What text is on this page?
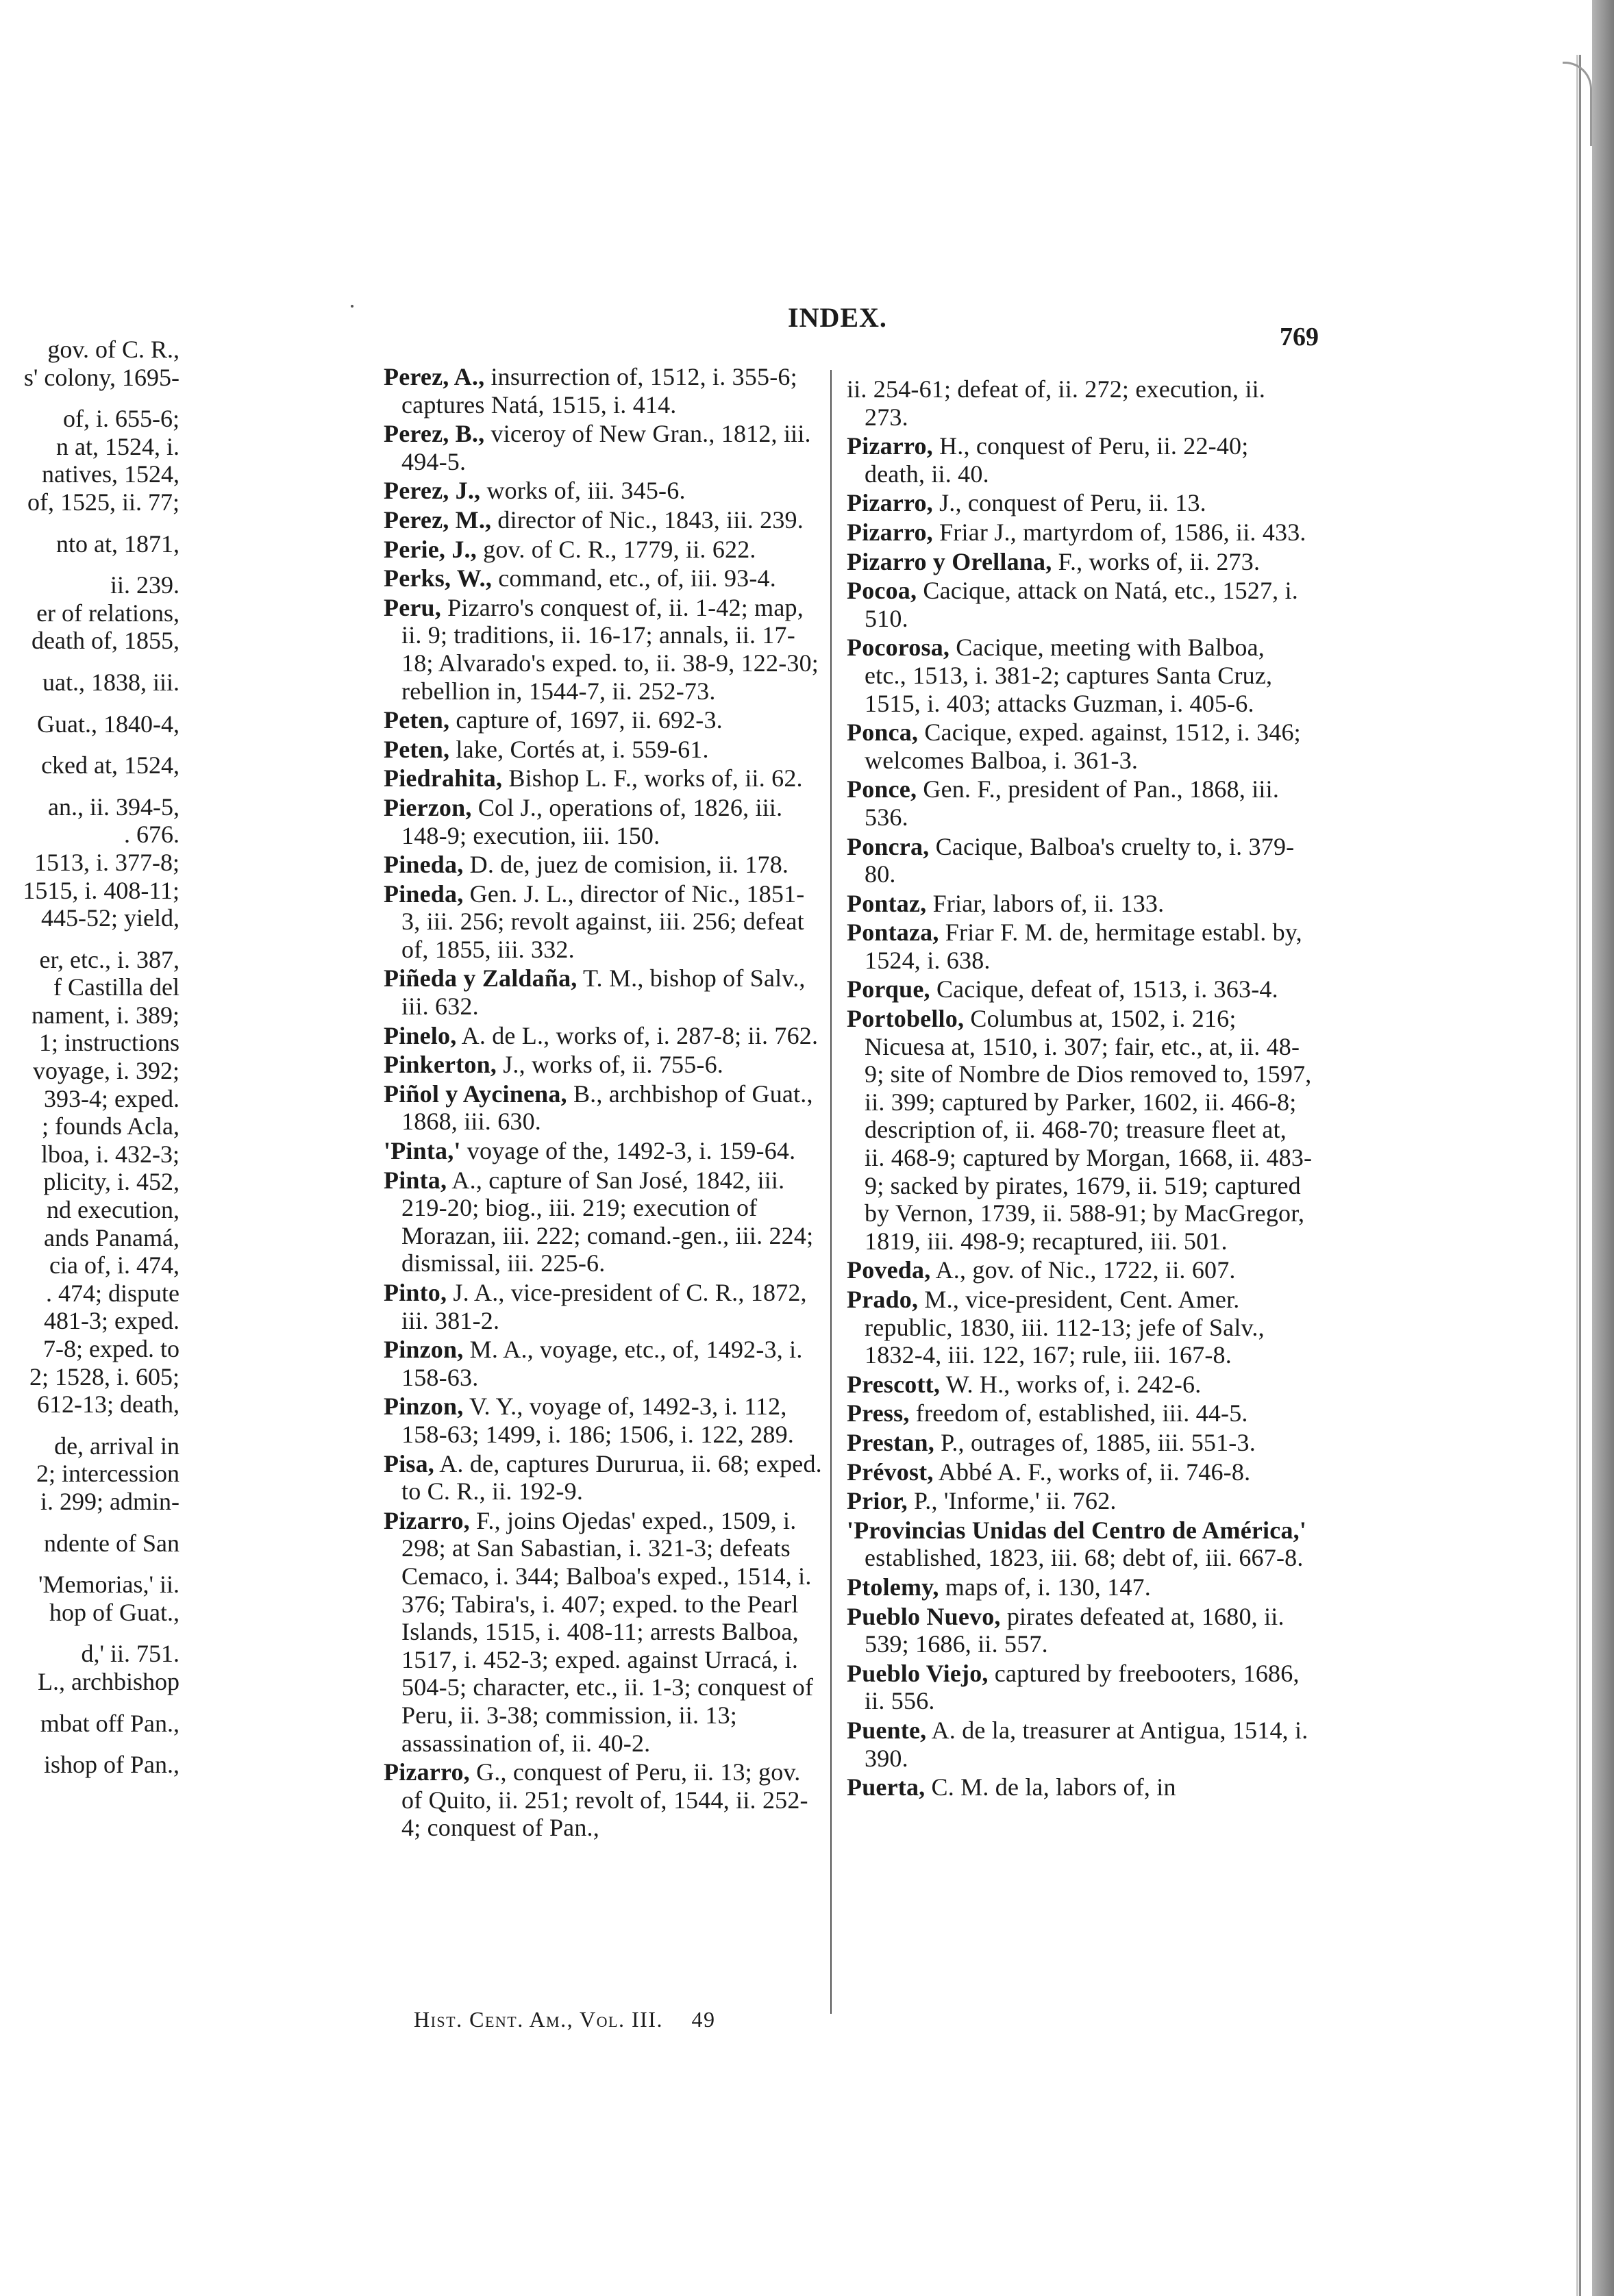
gov. of C. R.,
s' colony, 1695-
of, i. 655-6;
n at, 1524, i.
natives, 1524,
of, 1525, ii. 77;
nto at, 1871,
ii. 239.
er of relations,
death of, 1855,
uat., 1838, iii.
Guat., 1840-4,
cked at, 1524,
an., ii. 394-5,
. 676.
1513, i. 377-8;
1515, i. 408-11;
445-52; yield,
er, etc., i. 387,
f Castilla del
nament, i. 389;
1; instructions
voyage, i. 392;
393-4; exped.
; founds Acla,
lboa, i. 432-3;
plicity, i. 452,
nd execution,
ands Panamá,
cia of, i. 474,
. 474; dispute
481-3; exped.
7-8; exped. to
2; 1528, i. 605;
612-13; death,
de, arrival in
2; intercession
i. 299; admin-
ndente of San
'Memorias,' ii.
hop of Guat.,
d,' ii. 751.
L., archbishop
mbat off Pan.,
ishop of Pan.,
INDEX.
769
Perez, A., insurrection of, 1512, i. 355-6; captures Natá, 1515, i. 414.
Perez, B., viceroy of New Gran., 1812, iii. 494-5.
Perez, J., works of, iii. 345-6.
Perez, M., director of Nic., 1843, iii. 239.
Perie, J., gov. of C. R., 1779, ii. 622.
Perks, W., command, etc., of, iii. 93-4.
Peru, Pizarro's conquest of, ii. 1-42; map, ii. 9; traditions, ii. 16-17; annals, ii. 17-18; Alvarado's exped. to, ii. 38-9, 122-30; rebellion in, 1544-7, ii. 252-73.
Peten, capture of, 1697, ii. 692-3.
Peten, lake, Cortés at, i. 559-61.
Piedrahita, Bishop L. F., works of, ii. 62.
Pierzon, Col J., operations of, 1826, iii. 148-9; execution, iii. 150.
Pineda, D. de, juez de comision, ii. 178.
Pineda, Gen. J. L., director of Nic., 1851-3, iii. 256; revolt against, iii. 256; defeat of, 1855, iii. 332.
Piñeda y Zaldaña, T. M., bishop of Salv., iii. 632.
Pinelo, A. de L., works of, i. 287-8; ii. 762.
Pinkerton, J., works of, ii. 755-6.
Piñol y Aycinena, B., archbishop of Guat., 1868, iii. 630.
'Pinta,' voyage of the, 1492-3, i. 159-64.
Pinta, A., capture of San José, 1842, iii. 219-20; biog., iii. 219; execution of Morazan, iii. 222; comand.-gen., iii. 224; dismissal, iii. 225-6.
Pinto, J. A., vice-president of C. R., 1872, iii. 381-2.
Pinzon, M. A., voyage, etc., of, 1492-3, i. 158-63.
Pinzon, V. Y., voyage of, 1492-3, i. 112, 158-63; 1499, i. 186; 1506, i. 122, 289.
Pisa, A. de, captures Dururua, ii. 68; exped. to C. R., ii. 192-9.
Pizarro, F., joins Ojedas' exped., 1509, i. 298; at San Sabastian, i. 321-3; defeats Cemaco, i. 344; Balboa's exped., 1514, i. 376; Tabira's, i. 407; exped. to the Pearl Islands, 1515, i. 408-11; arrests Balboa, 1517, i. 452-3; exped. against Urracá, i. 504-5; character, etc., ii. 1-3; conquest of Peru, ii. 3-38; commission, ii. 13; assassination of, ii. 40-2.
Pizarro, G., conquest of Peru, ii. 13; gov. of Quito, ii. 251; revolt of, 1544, ii. 252-4; conquest of Pan.,
ii. 254-61; defeat of, ii. 272; execution, ii. 273.
Pizarro, H., conquest of Peru, ii. 22-40; death, ii. 40.
Pizarro, J., conquest of Peru, ii. 13.
Pizarro, Friar J., martyrdom of, 1586, ii. 433.
Pizarro y Orellana, F., works of, ii. 273.
Pocoa, Cacique, attack on Natá, etc., 1527, i. 510.
Pocorosa, Cacique, meeting with Balboa, etc., 1513, i. 381-2; captures Santa Cruz, 1515, i. 403; attacks Guzman, i. 405-6.
Ponca, Cacique, exped. against, 1512, i. 346; welcomes Balboa, i. 361-3.
Ponce, Gen. F., president of Pan., 1868, iii. 536.
Poncra, Cacique, Balboa's cruelty to, i. 379-80.
Pontaz, Friar, labors of, ii. 133.
Pontaza, Friar F. M. de, hermitage establ. by, 1524, i. 638.
Porque, Cacique, defeat of, 1513, i. 363-4.
Portobello, Columbus at, 1502, i. 216; Nicuesa at, 1510, i. 307; fair, etc., at, ii. 48-9; site of Nombre de Dios removed to, 1597, ii. 399; captured by Parker, 1602, ii. 466-8; description of, ii. 468-70; treasure fleet at, ii. 468-9; captured by Morgan, 1668, ii. 483-9; sacked by pirates, 1679, ii. 519; captured by Vernon, 1739, ii. 588-91; by MacGregor, 1819, iii. 498-9; recaptured, iii. 501.
Poveda, A., gov. of Nic., 1722, ii. 607.
Prado, M., vice-president, Cent. Amer. republic, 1830, iii. 112-13; jefe of Salv., 1832-4, iii. 122, 167; rule, iii. 167-8.
Prescott, W. H., works of, i. 242-6.
Press, freedom of, established, iii. 44-5.
Prestan, P., outrages of, 1885, iii. 551-3.
Prévost, Abbé A. F., works of, ii. 746-8.
Prior, P., 'Informe,' ii. 762.
'Provincias Unidas del Centro de América,' established, 1823, iii. 68; debt of, iii. 667-8.
Ptolemy, maps of, i. 130, 147.
Pueblo Nuevo, pirates defeated at, 1680, ii. 539; 1686, ii. 557.
Pueblo Viejo, captured by freebooters, 1686, ii. 556.
Puente, A. de la, treasurer at Antigua, 1514, i. 390.
Puerta, C. M. de la, labors of, in
Hist. Cent. Am., Vol. III. 49
